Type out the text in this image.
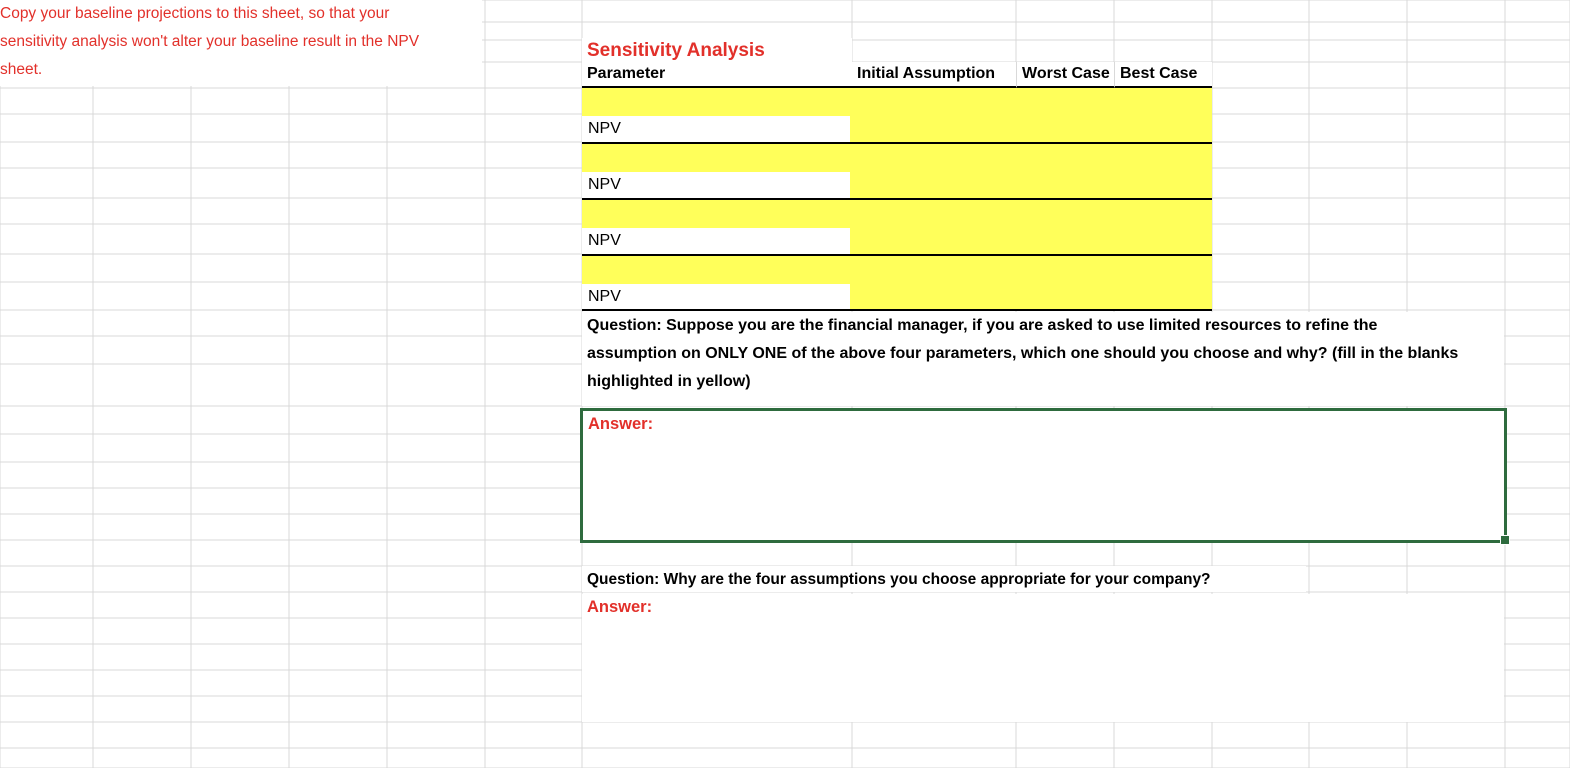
Copy your baseline projections to this sheet, so that your
sensitivity analysis won't alter your baseline result in the NPV
sheet.
Sensitivity Analysis
Parameter	Initial Assumption	Worst Case Best Case
NPV
NPV
NPV
NPV
Question: Suppose you are the financial manager, if you are asked to use limited resources to refine the
assumption on ONLY ONE of the above four parameters, which one should you choose and why? (fill in the blanks
highlighted in yellow)
Answer:
Question: Why are the four assumptions you choose appropriate for your company?
Answer:
